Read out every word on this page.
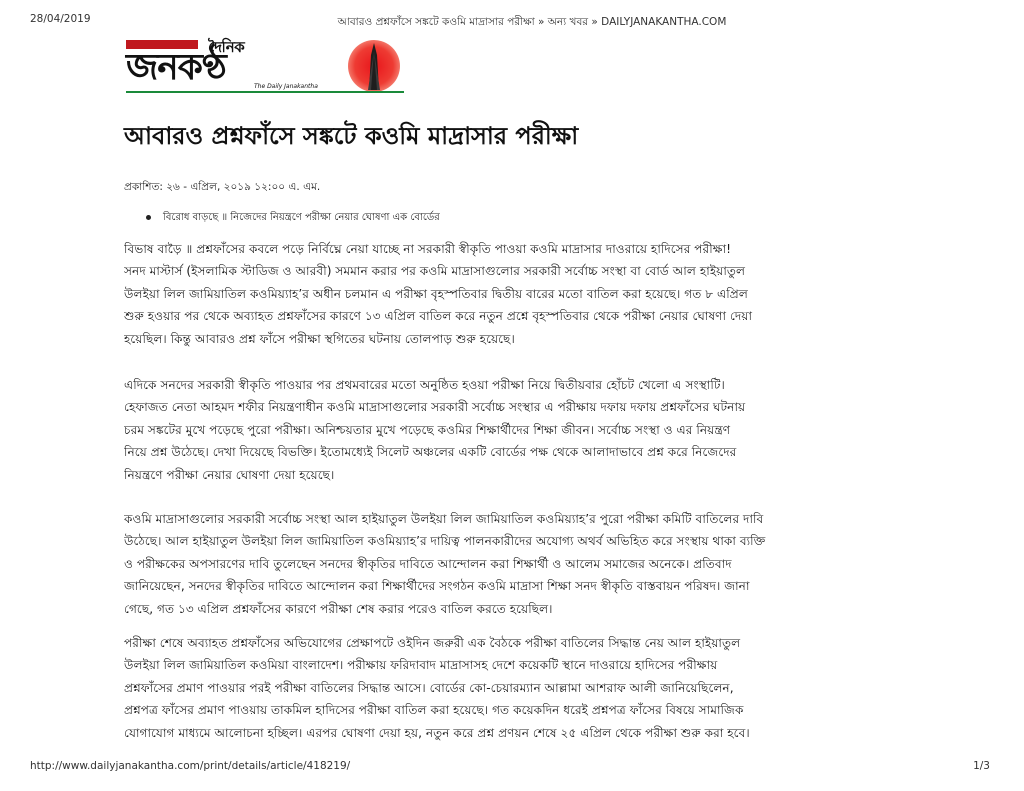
28/04/2019	আবারও প্রশ্নফাঁসে সঙ্কটে কওমি মাদ্রাসার পরীক্ষা » অন্য খবর » DAILYJANAKANTHA.COM
দৈনিক
জনকণ্ঠ	The Daily Janakantha
আবারও প্রশ্নফাঁসে সঙ্কটে কওমি মাদ্রাসার পরীক্ষা
প্রকাশিত: ২৬ - এপ্রিল, ২০১৯ ১২:০০ এ. এম.
বিরোধ বাড়ছে ॥ নিজেদের নিয়ন্ত্রণে পরীক্ষা নেয়ার ঘোষণা এক বোর্ডের
বিভাষ বাড়ৈ ॥ প্রশ্নফাঁসের কবলে পড়ে নির্বিঘ্নে নেয়া যাচ্ছে না সরকারী স্বীকৃতি পাওয়া কওমি মাদ্রাসার দাওরায়ে হাদিসের পরীক্ষা!
সনদ মাস্টার্স (ইসলামিক স্টাডিজ ও আরবী) সমমান করার পর কওমি মাদ্রাসাগুলোর সরকারী সর্বোচ্চ সংস্থা বা বোর্ড আল হাইয়াতুল
উলইয়া লিল জামিয়াতিল কওমিয়্যাহ’র অধীন চলমান এ পরীক্ষা বৃহস্পতিবার দ্বিতীয় বারের মতো বাতিল করা হয়েছে। গত ৮ এপ্রিল
শুরু হওয়ার পর থেকে অব্যাহত প্রশ্নফাঁসের কারণে ১৩ এপ্রিল বাতিল করে নতুন প্রশ্নে বৃহস্পতিবার থেকে পরীক্ষা নেয়ার ঘোষণা দেয়া
হয়েছিল। কিন্তু আবারও প্রশ্ন ফাঁসে পরীক্ষা স্থগিতের ঘটনায় তোলপাড় শুরু হয়েছে।
এদিকে সনদের সরকারী স্বীকৃতি পাওয়ার পর প্রথমবারের মতো অনুষ্ঠিত হওয়া পরীক্ষা নিয়ে দ্বিতীয়বার হোঁচট খেলো এ সংস্থাটি।
হেফাজত নেতা আহমদ শফীর নিয়ন্ত্রণাধীন কওমি মাদ্রাসাগুলোর সরকারী সর্বোচ্চ সংস্থার এ পরীক্ষায় দফায় দফায় প্রশ্নফাঁসের ঘটনায়
চরম সঙ্কটের মুখে পড়েছে পুরো পরীক্ষা। অনিশ্চয়তার মুখে পড়েছে কওমির শিক্ষার্থীদের শিক্ষা জীবন। সর্বোচ্চ সংস্থা ও এর নিয়ন্ত্রণ
নিয়ে প্রশ্ন উঠেছে। দেখা দিয়েছে বিভক্তি। ইতোমধ্যেই সিলেট অঞ্চলের একটি বোর্ডের পক্ষ থেকে আলাদাভাবে প্রশ্ন করে নিজেদের
নিয়ন্ত্রণে পরীক্ষা নেয়ার ঘোষণা দেয়া হয়েছে।
কওমি মাদ্রাসাগুলোর সরকারী সর্বোচ্চ সংস্থা আল হাইয়াতুল উলইয়া লিল জামিয়াতিল কওমিয়্যাহ’র পুরো পরীক্ষা কমিটি বাতিলের দাবি
উঠেছে। আল হাইয়াতুল উলইয়া লিল জামিয়াতিল কওমিয়্যাহ’র দায়িত্ব পালনকারীদের অযোগ্য অথর্ব অভিহিত করে সংস্থায় থাকা ব্যক্তি
ও পরীক্ষকের অপসারণের দাবি তুলেছেন সনদের স্বীকৃতির দাবিতে আন্দোলন করা শিক্ষার্থী ও আলেম সমাজের অনেকে। প্রতিবাদ
জানিয়েছেন, সনদের স্বীকৃতির দাবিতে আন্দোলন করা শিক্ষার্থীদের সংগঠন কওমি মাদ্রাসা শিক্ষা সনদ স্বীকৃতি বাস্তবায়ন পরিষদ। জানা
গেছে, গত ১৩ এপ্রিল প্রশ্নফাঁসের কারণে পরীক্ষা শেষ করার পরেও বাতিল করতে হয়েছিল।
পরীক্ষা শেষে অব্যাহত প্রশ্নফাঁসের অভিযোগের প্রেক্ষাপটে ওইদিন জরুরী এক বৈঠকে পরীক্ষা বাতিলের সিদ্ধান্ত নেয় আল হাইয়াতুল
উলইয়া লিল জামিয়াতিল কওমিয়া বাংলাদেশ। পরীক্ষায় ফরিদাবাদ মাদ্রাসাসহ দেশে কয়েকটি স্থানে দাওরায়ে হাদিসের পরীক্ষায়
প্রশ্নফাঁসের প্রমাণ পাওয়ার পরই পরীক্ষা বাতিলের সিদ্ধান্ত আসে। বোর্ডের কো-চেয়ারম্যান আল্লামা আশরাফ আলী জানিয়েছিলেন,
প্রশ্নপত্র ফাঁসের প্রমাণ পাওয়ায় তাকমিল হাদিসের পরীক্ষা বাতিল করা হয়েছে। গত কয়েকদিন ধরেই প্রশ্নপত্র ফাঁসের বিষয়ে সামাজিক
যোগাযোগ মাধ্যমে আলোচনা হচ্ছিল। এরপর ঘোষণা দেয়া হয়, নতুন করে প্রশ্ন প্রণয়ন শেষে ২৫ এপ্রিল থেকে পরীক্ষা শুরু করা হবে।
http://www.dailyjanakantha.com/print/details/article/418219/	1/3
